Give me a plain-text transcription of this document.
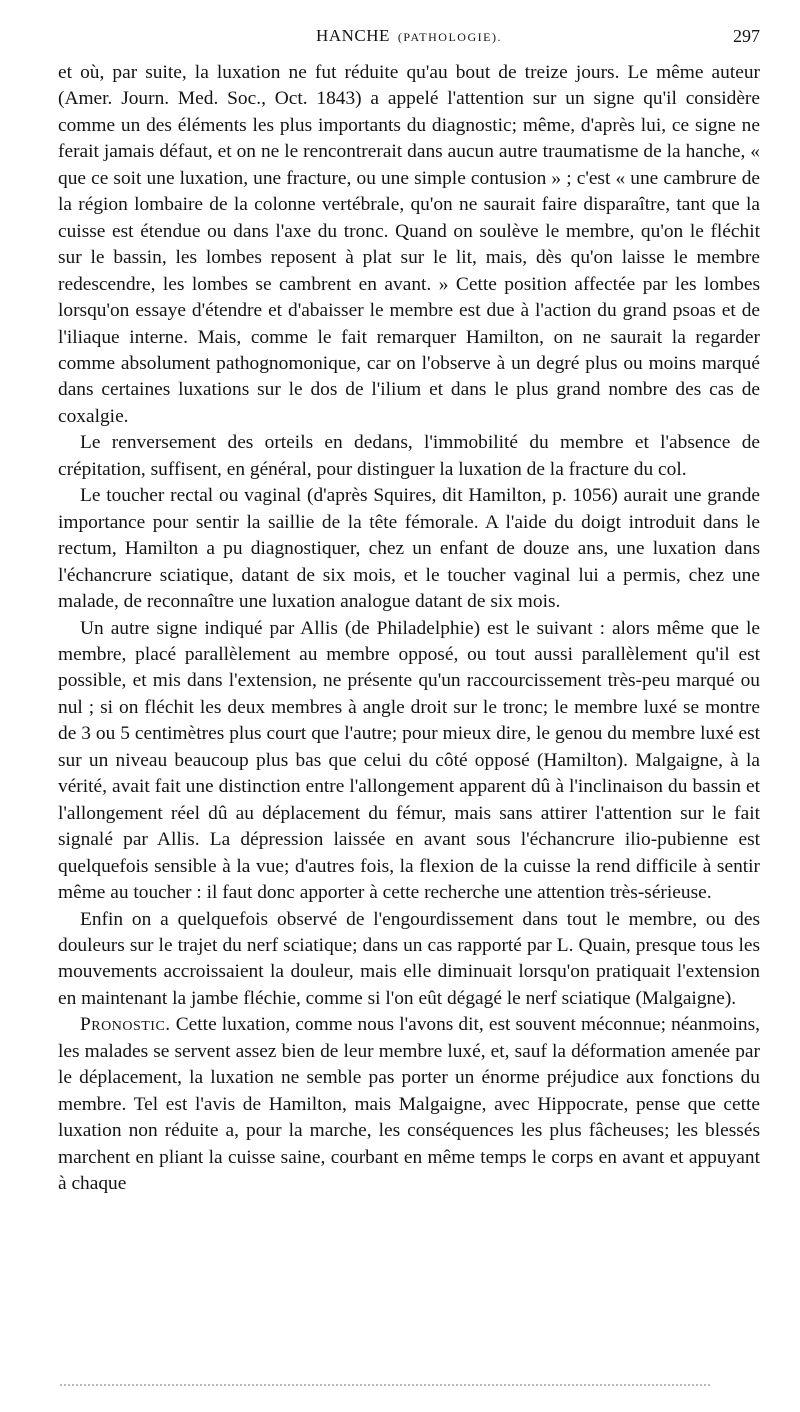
HANCHE (PATHOLOGIE).	297

et où, par suite, la luxation ne fut réduite qu'au bout de treize jours. Le même auteur (Amer. Journ. Med. Soc., Oct. 1843) a appelé l'attention sur un signe qu'il considère comme un des éléments les plus importants du diagnostic; même, d'après lui, ce signe ne ferait jamais défaut, et on ne le rencontrerait dans aucun autre traumatisme de la hanche, « que ce soit une luxation, une fracture, ou une simple contusion » ; c'est « une cambrure de la région lombaire de la colonne vertébrale, qu'on ne saurait faire disparaître, tant que la cuisse est étendue ou dans l'axe du tronc. Quand on soulève le membre, qu'on le fléchit sur le bassin, les lombes reposent à plat sur le lit, mais, dès qu'on laisse le membre redescendre, les lombes se cambrent en avant. » Cette position affectée par les lombes lorsqu'on essaye d'étendre et d'abaisser le membre est due à l'action du grand psoas et de l'iliaque interne. Mais, comme le fait remarquer Hamilton, on ne saurait la regarder comme absolument pathognomonique, car on l'observe à un degré plus ou moins marqué dans certaines luxations sur le dos de l'ilium et dans le plus grand nombre des cas de coxalgie.

Le renversement des orteils en dedans, l'immobilité du membre et l'absence de crépitation, suffisent, en général, pour distinguer la luxation de la fracture du col.

Le toucher rectal ou vaginal (d'après Squires, dit Hamilton, p. 1056) aurait une grande importance pour sentir la saillie de la tête fémorale. A l'aide du doigt introduit dans le rectum, Hamilton a pu diagnostiquer, chez un enfant de douze ans, une luxation dans l'échancrure sciatique, datant de six mois, et le toucher vaginal lui a permis, chez une malade, de reconnaître une luxation analogue datant de six mois.

Un autre signe indiqué par Allis (de Philadelphie) est le suivant : alors même que le membre, placé parallèlement au membre opposé, ou tout aussi parallèlement qu'il est possible, et mis dans l'extension, ne présente qu'un raccourcissement très-peu marqué ou nul ; si on fléchit les deux membres à angle droit sur le tronc; le membre luxé se montre de 3 ou 5 centimètres plus court que l'autre; pour mieux dire, le genou du membre luxé est sur un niveau beaucoup plus bas que celui du côté opposé (Hamilton). Malgaigne, à la vérité, avait fait une distinction entre l'allongement apparent dû à l'inclinaison du bassin et l'allongement réel dû au déplacement du fémur, mais sans attirer l'attention sur le fait signalé par Allis. La dépression laissée en avant sous l'échancrure ilio-pubienne est quelquefois sensible à la vue; d'autres fois, la flexion de la cuisse la rend difficile à sentir même au toucher : il faut donc apporter à cette recherche une attention très-sérieuse.

Enfin on a quelquefois observé de l'engourdissement dans tout le membre, ou des douleurs sur le trajet du nerf sciatique; dans un cas rapporté par L. Quain, presque tous les mouvements accroissaient la douleur, mais elle diminuait lorsqu'on pratiquait l'extension en maintenant la jambe fléchie, comme si l'on eût dégagé le nerf sciatique (Malgaigne).

Pronostic. Cette luxation, comme nous l'avons dit, est souvent méconnue; néanmoins, les malades se servent assez bien de leur membre luxé, et, sauf la déformation amenée par le déplacement, la luxation ne semble pas porter un énorme préjudice aux fonctions du membre. Tel est l'avis de Hamilton, mais Malgaigne, avec Hippocrate, pense que cette luxation non réduite a, pour la marche, les conséquences les plus fâcheuses; les blessés marchent en pliant la cuisse saine, courbant en même temps le corps en avant et appuyant à chaque
